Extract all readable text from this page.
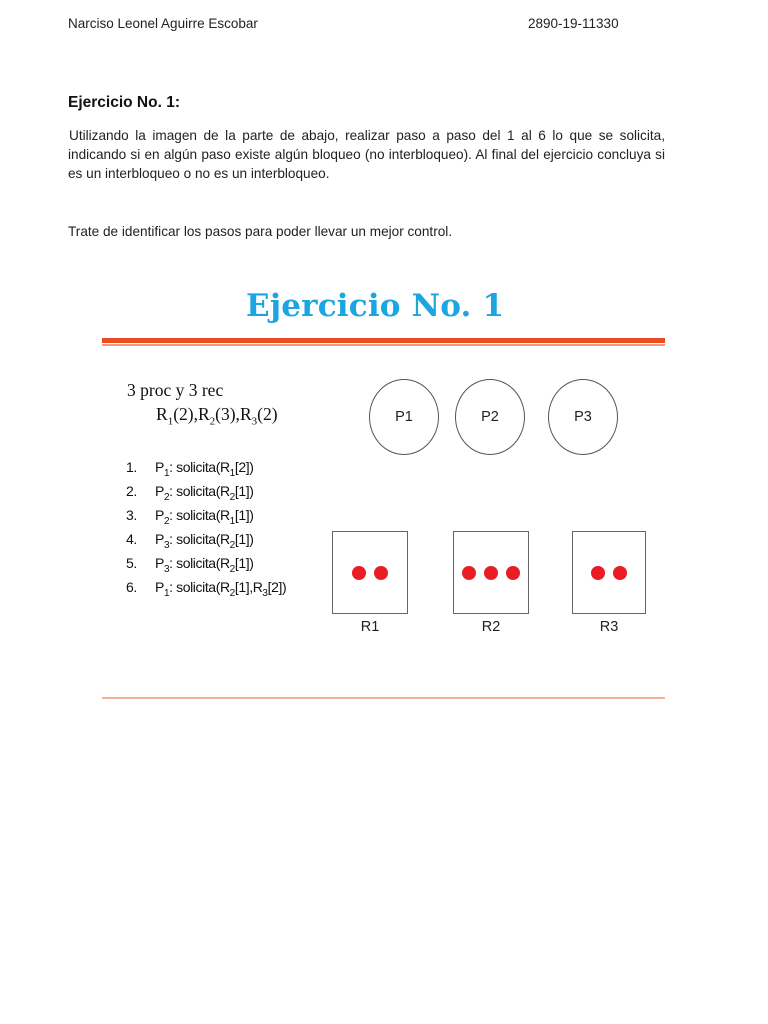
Narciso Leonel Aguirre Escobar	2890-19-11330
Ejercicio No. 1:

Utilizando la imagen de la parte de abajo, realizar paso a paso del 1 al 6 lo que se solicita, indicando si en algún paso existe algún bloqueo (no interbloqueo). Al final del ejercicio concluya si es un interbloqueo o no es un interbloqueo.

Trate de identificar los pasos para poder llevar un mejor control.

Ejercicio No. 1
3 proc y 3 rec
$R_1(2),R_2(3),R_3(2)$
1. $P_1$: $solicita(R_1[2])$
2. $P_2$: $solicita(R_2[1])$
3. $P_2$: $solicita(R_1[1])$
4. $P_3$: $solicita(R_2[1])$
5. $P_3$: $solicita(R_2[1])$
6. $P_1$: $solicita(R_2[1],R_3[2])$
P1	P2	P3
R1	R2	R3
